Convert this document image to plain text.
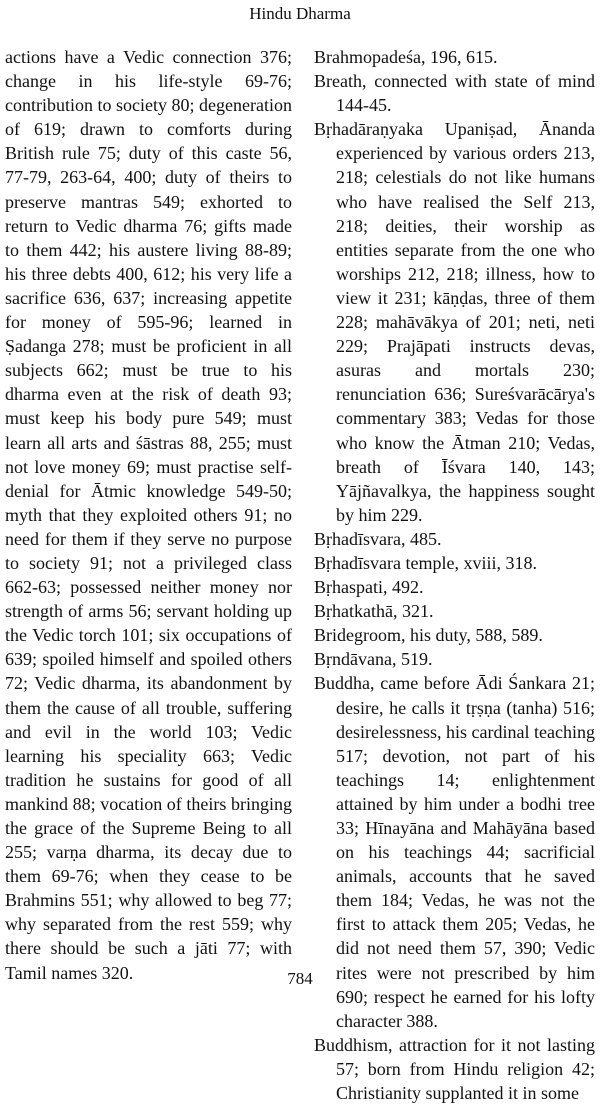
Hindu Dharma

actions have a Vedic connection 376; change in his life-style 69-76; contribution to society 80; degeneration of 619; drawn to comforts during British rule 75; duty of this caste 56, 77-79, 263-64, 400; duty of theirs to preserve mantras 549; exhorted to return to Vedic dharma 76; gifts made to them 442; his austere living 88-89; his three debts 400, 612; his very life a sacrifice 636, 637; increasing appetite for money of 595-96; learned in Ṣadanga 278; must be proficient in all subjects 662; must be true to his dharma even at the risk of death 93; must keep his body pure 549; must learn all arts and śāstras 88, 255; must not love money 69; must practise self-denial for Ātmic knowledge 549-50; myth that they exploited others 91; no need for them if they serve no purpose to society 91; not a privileged class 662-63; possessed neither money nor strength of arms 56; servant holding up the Vedic torch 101; six occupations of 639; spoiled himself and spoiled others 72; Vedic dharma, its abandonment by them the cause of all trouble, suffering and evil in the world 103; Vedic learning his speciality 663; Vedic tradition he sustains for good of all mankind 88; vocation of theirs bringing the grace of the Supreme Being to all 255; varṇa dharma, its decay due to them 69-76; when they cease to be Brahmins 551; why allowed to beg 77; why separated from the rest 559; why there should be such a jāti 77; with Tamil names 320.

Brahmopadeśa, 196, 615.

Breath, connected with state of mind 144-45.

Bṛhadāraṇyaka Upaniṣad, Ānanda experienced by various orders 213, 218; celestials do not like humans who have realised the Self 213, 218; deities, their worship as entities separate from the one who worships 212, 218; illness, how to view it 231; kāṇḍas, three of them 228; mahāvākya of 201; neti, neti 229; Prajāpati instructs devas, asuras and mortals 230; renunciation 636; Sureśvarācārya's commentary 383; Vedas for those who know the Ātman 210; Vedas, breath of Īśvara 140, 143; Yājñavalkya, the happiness sought by him 229.

Bṛhadīsvara, 485.

Bṛhadīsvara temple, xviii, 318.

Bṛhaspati, 492.

Bṛhatkathā, 321.

Bridegroom, his duty, 588, 589.

Bṛndāvana, 519.

Buddha, came before Ādi Śankara 21; desire, he calls it tṛṣṇa (tanha) 516; desirelessness, his cardinal teaching 517; devotion, not part of his teachings 14; enlightenment attained by him under a bodhi tree 33; Hīnayāna and Mahāyāna based on his teachings 44; sacrificial animals, accounts that he saved them 184; Vedas, he was not the first to attack them 205; Vedas, he did not need them 57, 390; Vedic rites were not prescribed by him 690; respect he earned for his lofty character 388.

Buddhism, attraction for it not lasting 57; born from Hindu religion 42; Christianity supplanted it in some

784
